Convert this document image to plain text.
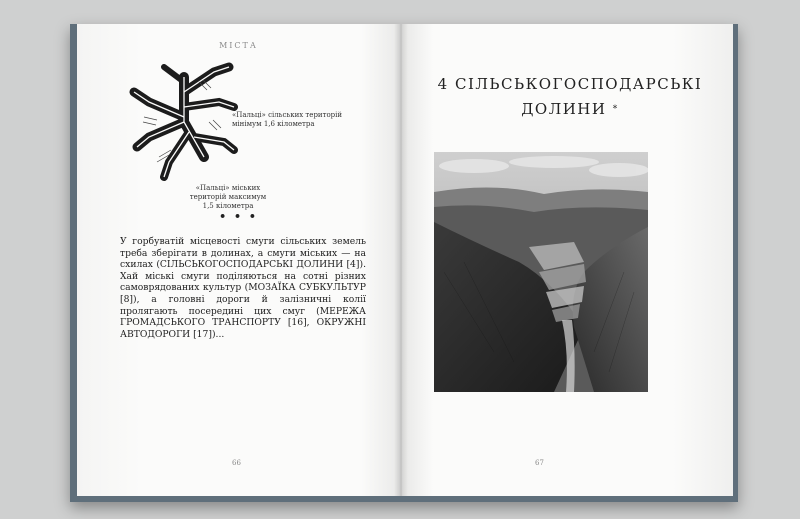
МІСТА
«Пальці» сільських територій мінімум 1,6 кілометра
«Пальці» міських територій максимум 1,5 кілометра
• • •
У горбуватій місцевості смуги сільських земель треба зберігати в долинах, а смуги міських — на схилах (СІЛЬСЬКОГОСПОДАРСЬКІ ДОЛИНИ [4]). Хай міські смуги поділяються на сотні різних самоврядованих культур (МОЗАЇКА СУБКУЛЬТУР [8]), а головні дороги й залізничні колії пролягають посередині цих смуг (МЕРЕЖА ГРОМАДСЬКОГО ТРАНСПОРТУ [16], ОКРУЖНІ АВТОДОРОГИ [17])...
66
4 СІЛЬСЬКОГОСПОДАРСЬКІ
ДОЛИНИ *
67
